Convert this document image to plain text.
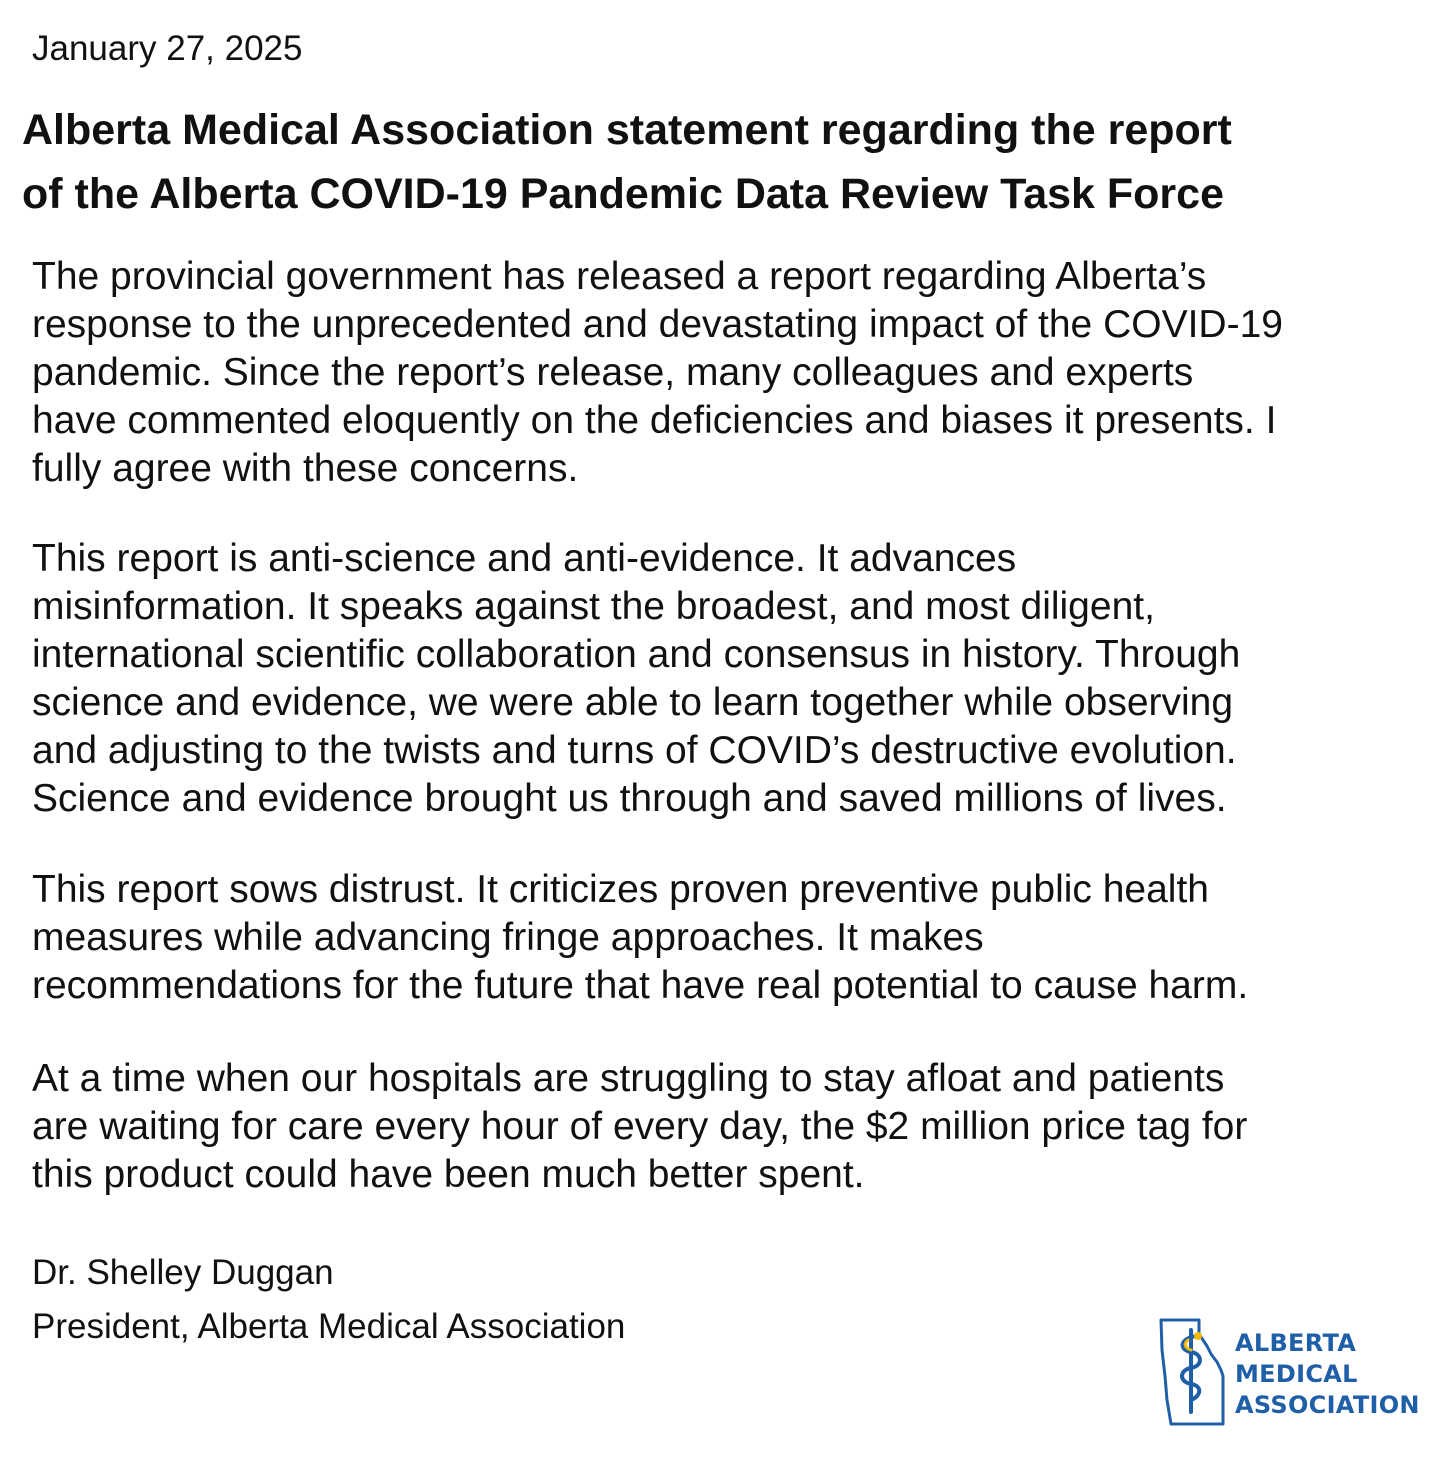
January 27, 2025
Alberta Medical Association statement regarding the report
of the Alberta COVID-19 Pandemic Data Review Task Force

The provincial government has released a report regarding Alberta’s
response to the unprecedented and devastating impact of the COVID-19
pandemic. Since the report’s release, many colleagues and experts
have commented eloquently on the deficiencies and biases it presents. I
fully agree with these concerns.

This report is anti-science and anti-evidence. It advances
misinformation. It speaks against the broadest, and most diligent,
international scientific collaboration and consensus in history. Through
science and evidence, we were able to learn together while observing
and adjusting to the twists and turns of COVID’s destructive evolution.
Science and evidence brought us through and saved millions of lives.

This report sows distrust. It criticizes proven preventive public health
measures while advancing fringe approaches. It makes
recommendations for the future that have real potential to cause harm.

At a time when our hospitals are struggling to stay afloat and patients
are waiting for care every hour of every day, the $2 million price tag for
this product could have been much better spent.

Dr. Shelley Duggan
President, Alberta Medical Association	ALBERTA
MEDICAL
ASSOCIATION
